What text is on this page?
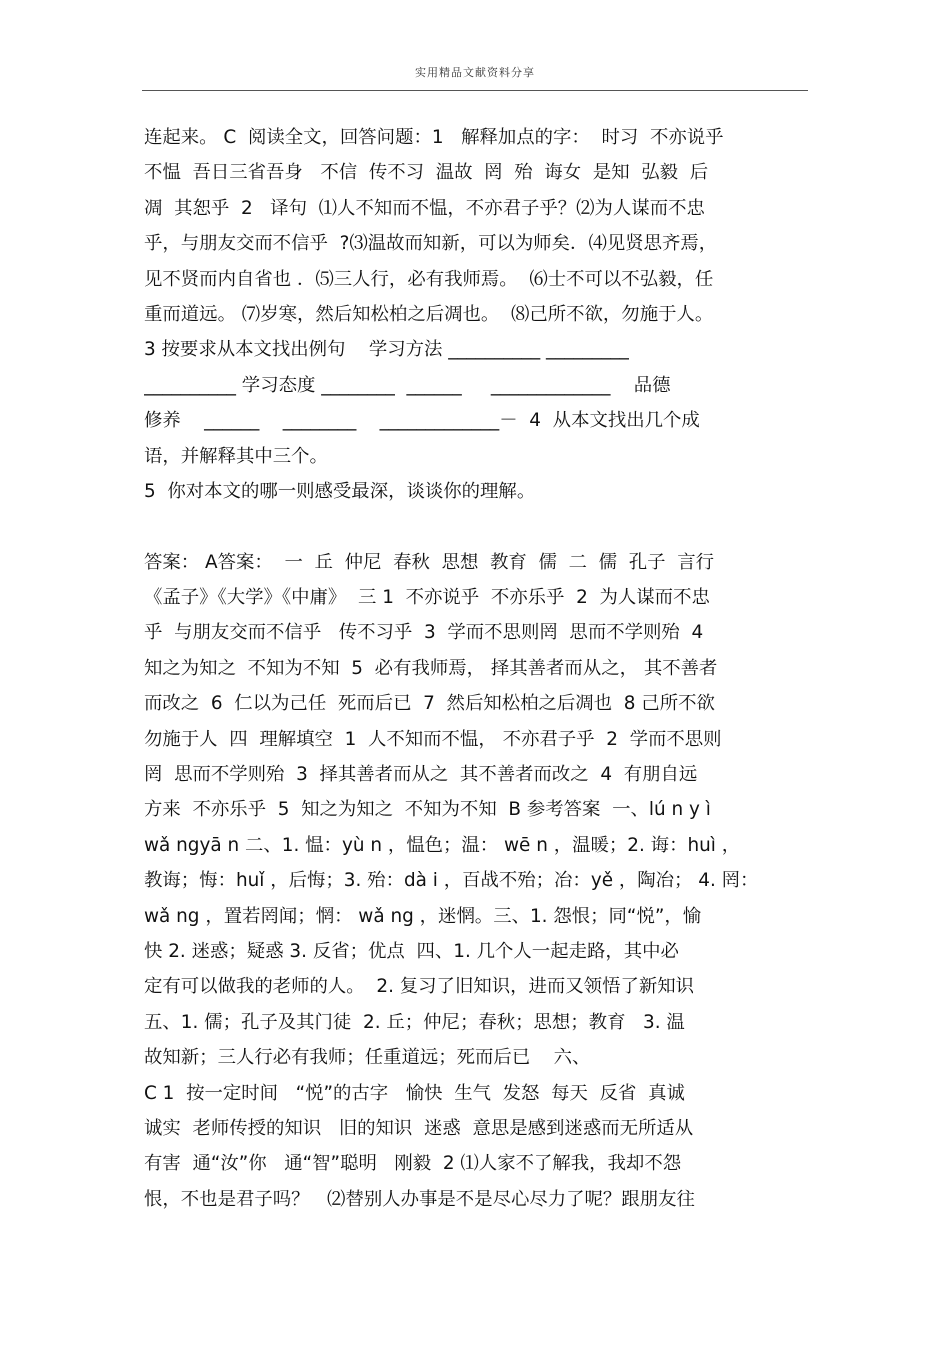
实用精品文献资料分享
连起来。 C  阅读全文，回答问题：1   解释加点的字：  时习  不亦说乎
不愠  吾日三省吾身   不信  传不习  温故  罔  殆  诲女  是知  弘毅  后
凋  其恕乎  2   译句  ⑴人不知而不愠，不亦君子乎？⑵为人谋而不忠
乎，与朋友交而不信乎  ?⑶温故而知新，可以为师矣．⑷见贤思齐焉，
见不贤而内自省也 ．⑸三人行，必有我师焉。  ⑹士不可以不弘毅，任
重而道远。 ⑺岁寒，然后知松柏之后凋也。  ⑻己所不欲，勿施于人。
3 按要求从本文找出例句    学习方法 __________ _________
__________ 学习态度 ________  ______     _____________    品德
修养    ______    ________    _____________－  4  从本文找出几个成
语，并解释其中三个。
5  你对本文的哪一则感受最深，谈谈你的理解。
答案： A答案：  一  丘  仲尼  春秋  思想  教育  儒  二  儒  孔子  言行
《孟子》《大学》《中庸》  三 1  不亦说乎  不亦乐乎  2  为人谋而不忠
乎  与朋友交而不信乎   传不习乎  3  学而不思则罔  思而不学则殆  4
知之为知之  不知为不知  5  必有我师焉， 择其善者而从之， 其不善者
而改之  6  仁以为己任  死而后已  7  然后知松柏之后凋也  8 己所不欲
勿施于人  四  理解填空  1  人不知而不愠， 不亦君子乎  2  学而不思则
罔  思而不学则殆  3  择其善者而从之  其不善者而改之  4  有朋自远
方来  不亦乐乎  5  知之为知之  不知为不知  B 参考答案  一、lú n y ì
wǎ ngyā n 二、1. 愠：yù n ，愠色；温： wē n ，温暖；2. 诲：huì ，
教诲；悔：huǐ ，后悔；3. 殆：dà i ，百战不殆；冶：yě ，陶冶； 4. 罔：
wǎ ng ，置若罔闻；惘： wǎ ng ，迷惘。三、1. 怨恨；同“悦”，愉
快 2. 迷惑；疑惑 3. 反省；优点  四、1. 几个人一起走路，其中必
定有可以做我的老师的人。  2. 复习了旧知识，进而又领悟了新知识
五、1. 儒；孔子及其门徒  2. 丘；仲尼；春秋；思想；教育   3. 温
故知新；三人行必有我师；任重道远；死而后已    六、
C 1  按一定时间   “悦”的古字   愉快  生气  发怒  每天  反省  真诚
诚实  老师传授的知识   旧的知识  迷惑  意思是感到迷惑而无所适从
有害  通“汝”你   通“智”聪明   刚毅  2 ⑴人家不了解我，我却不怨
恨，不也是君子吗？   ⑵替别人办事是不是尽心尽力了呢？跟朋友往
